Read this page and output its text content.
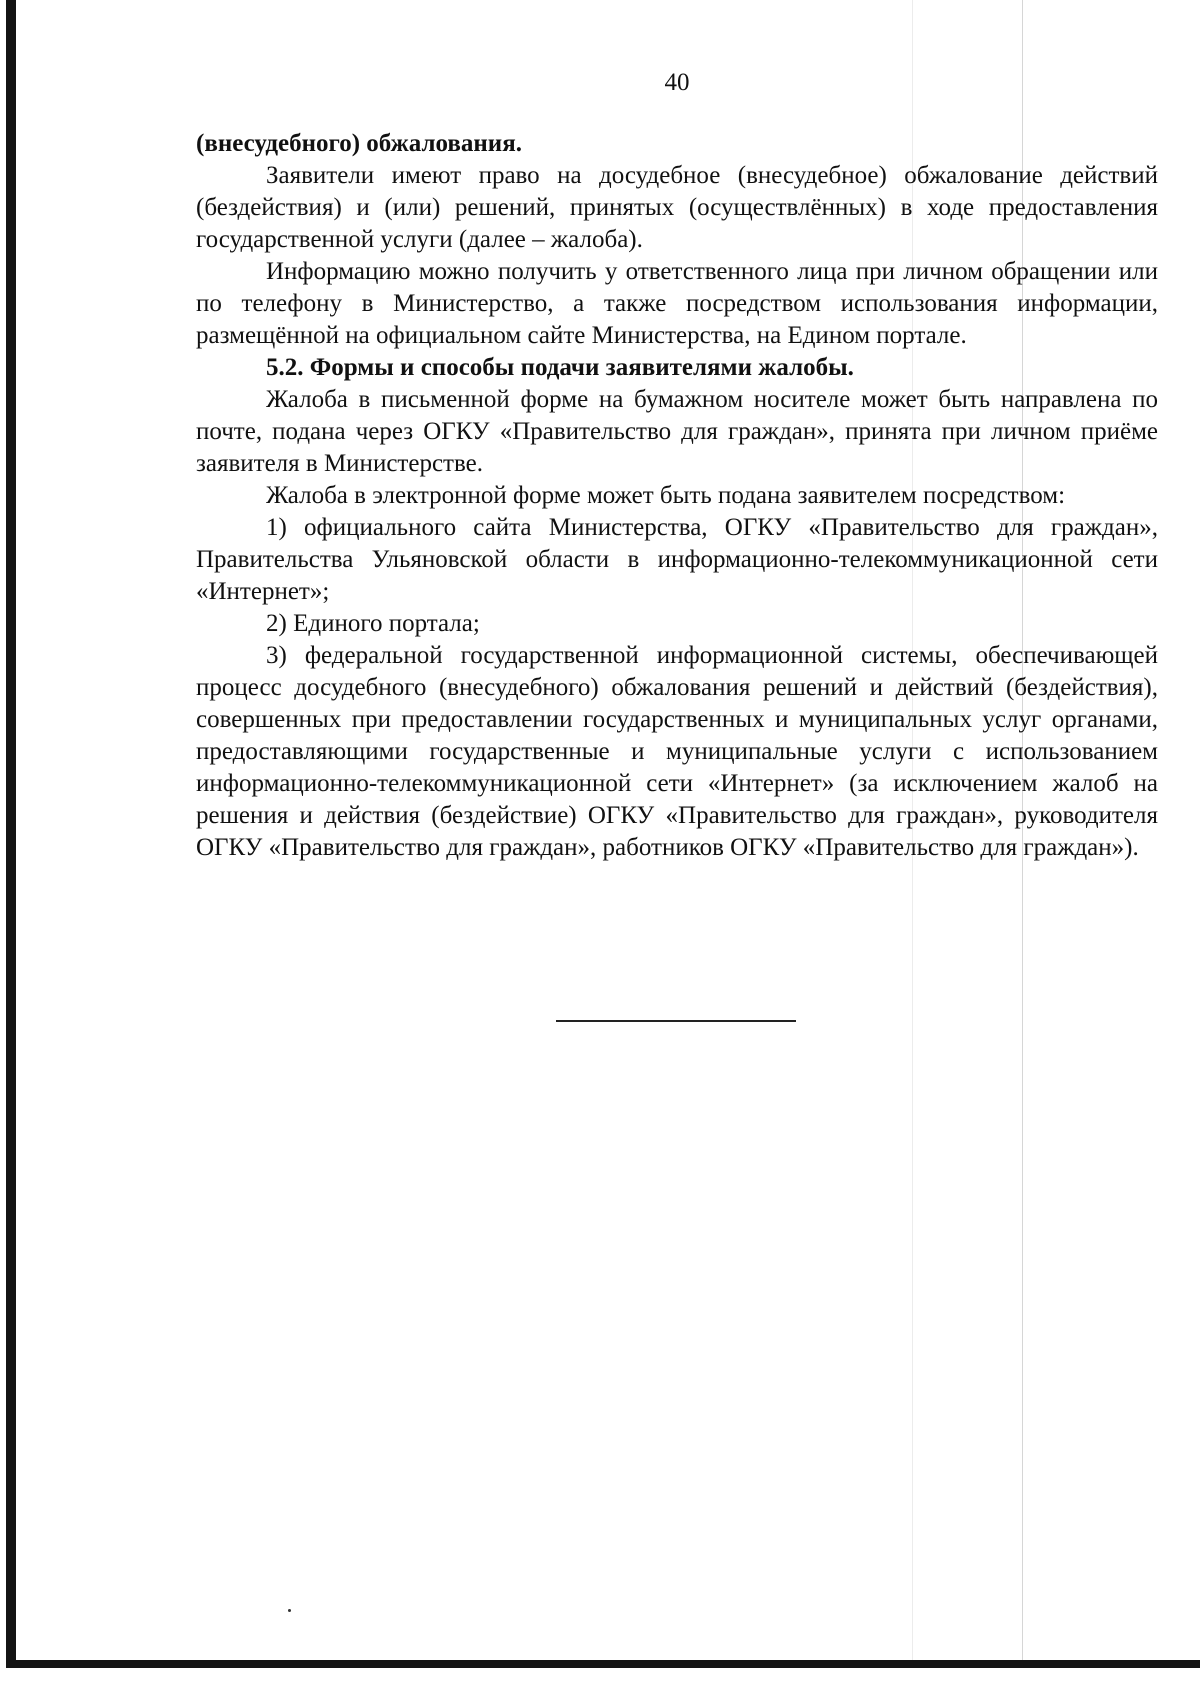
40

(внесудебного) обжалования.

Заявители имеют право на досудебное (внесудебное) обжалование действий (бездействия) и (или) решений, принятых (осуществлённых) в ходе предоставления государственной услуги (далее – жалоба).

Информацию можно получить у ответственного лица при личном обращении или по телефону в Министерство, а также посредством использования информации, размещённой на официальном сайте Министерства, на Едином портале.

5.2. Формы и способы подачи заявителями жалобы.

Жалоба в письменной форме на бумажном носителе может быть направлена по почте, подана через ОГКУ «Правительство для граждан», принята при личном приёме заявителя в Министерстве.

Жалоба в электронной форме может быть подана заявителем посредством:

1) официального сайта Министерства, ОГКУ «Правительство для граждан», Правительства Ульяновской области в информационно-телекоммуникационной сети «Интернет»;

2) Единого портала;

3) федеральной государственной информационной системы, обеспечивающей процесс досудебного (внесудебного) обжалования решений и действий (бездействия), совершенных при предоставлении государственных и муниципальных услуг органами, предоставляющими государственные и муниципальные услуги с использованием информационно-телекоммуникационной сети «Интернет» (за исключением жалоб на решения и действия (бездействие) ОГКУ «Правительство для граждан», руководителя ОГКУ «Правительство для граждан», работников ОГКУ «Правительство для граждан»).
